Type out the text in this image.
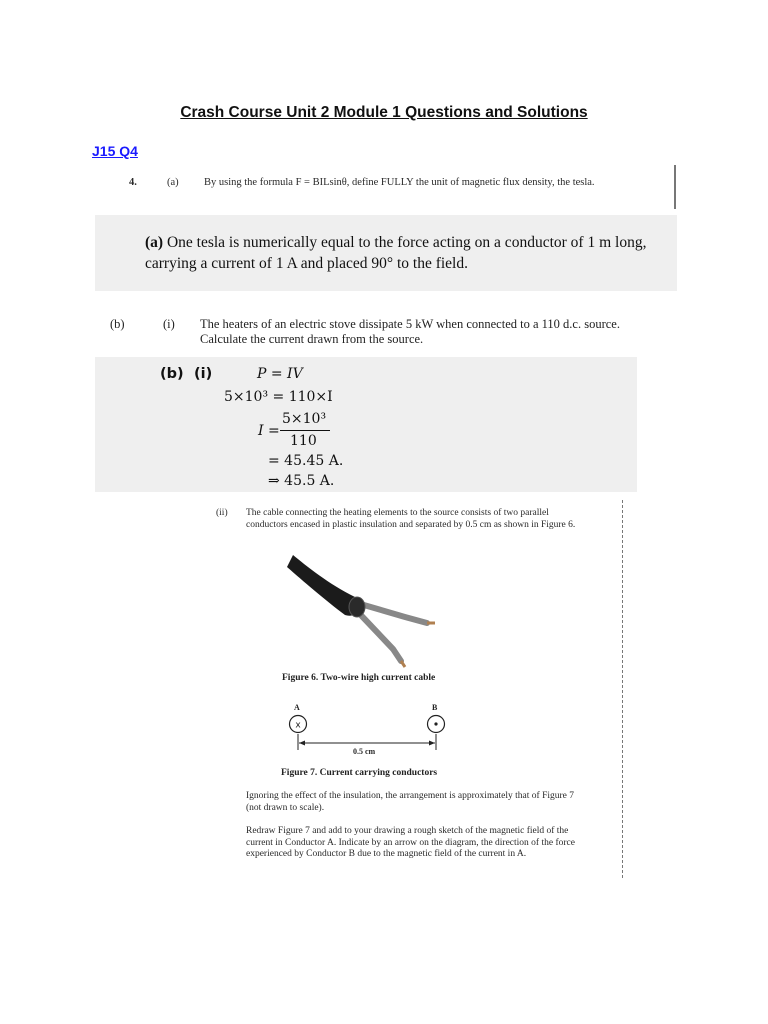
Crash Course Unit 2 Module 1 Questions and Solutions
J15 Q4
4.	(a) By using the formula F = BILsinθ, define FULLY the unit of magnetic flux density, the tesla.
(a) One tesla is numerically equal to the force acting on a conductor of 1 m long, carrying a current of 1 A and placed 90° to the field.
(b)	(i) The heaters of an electric stove dissipate 5 kW when connected to a 110 d.c. source.
Calculate the current drawn from the source.
(b) (i)	P = IV
5×10³ = 110×I
I =
5×10³
110
= 45.45 A.
⇒ 45.5 A.
(ii) The cable connecting the heating elements to the source consists of two parallel conductors encased in plastic insulation and separated by 0.5 cm as shown in Figure 6.
Figure 6. Two-wire high current cable
A	B
x
0.5 cm
Figure 7. Current carrying conductors
Ignoring the effect of the insulation, the arrangement is approximately that of Figure 7 (not drawn to scale).
Redraw Figure 7 and add to your drawing a rough sketch of the magnetic field of the current in Conductor A. Indicate by an arrow on the diagram, the direction of the force experienced by Conductor B due to the magnetic field of the current in A.
